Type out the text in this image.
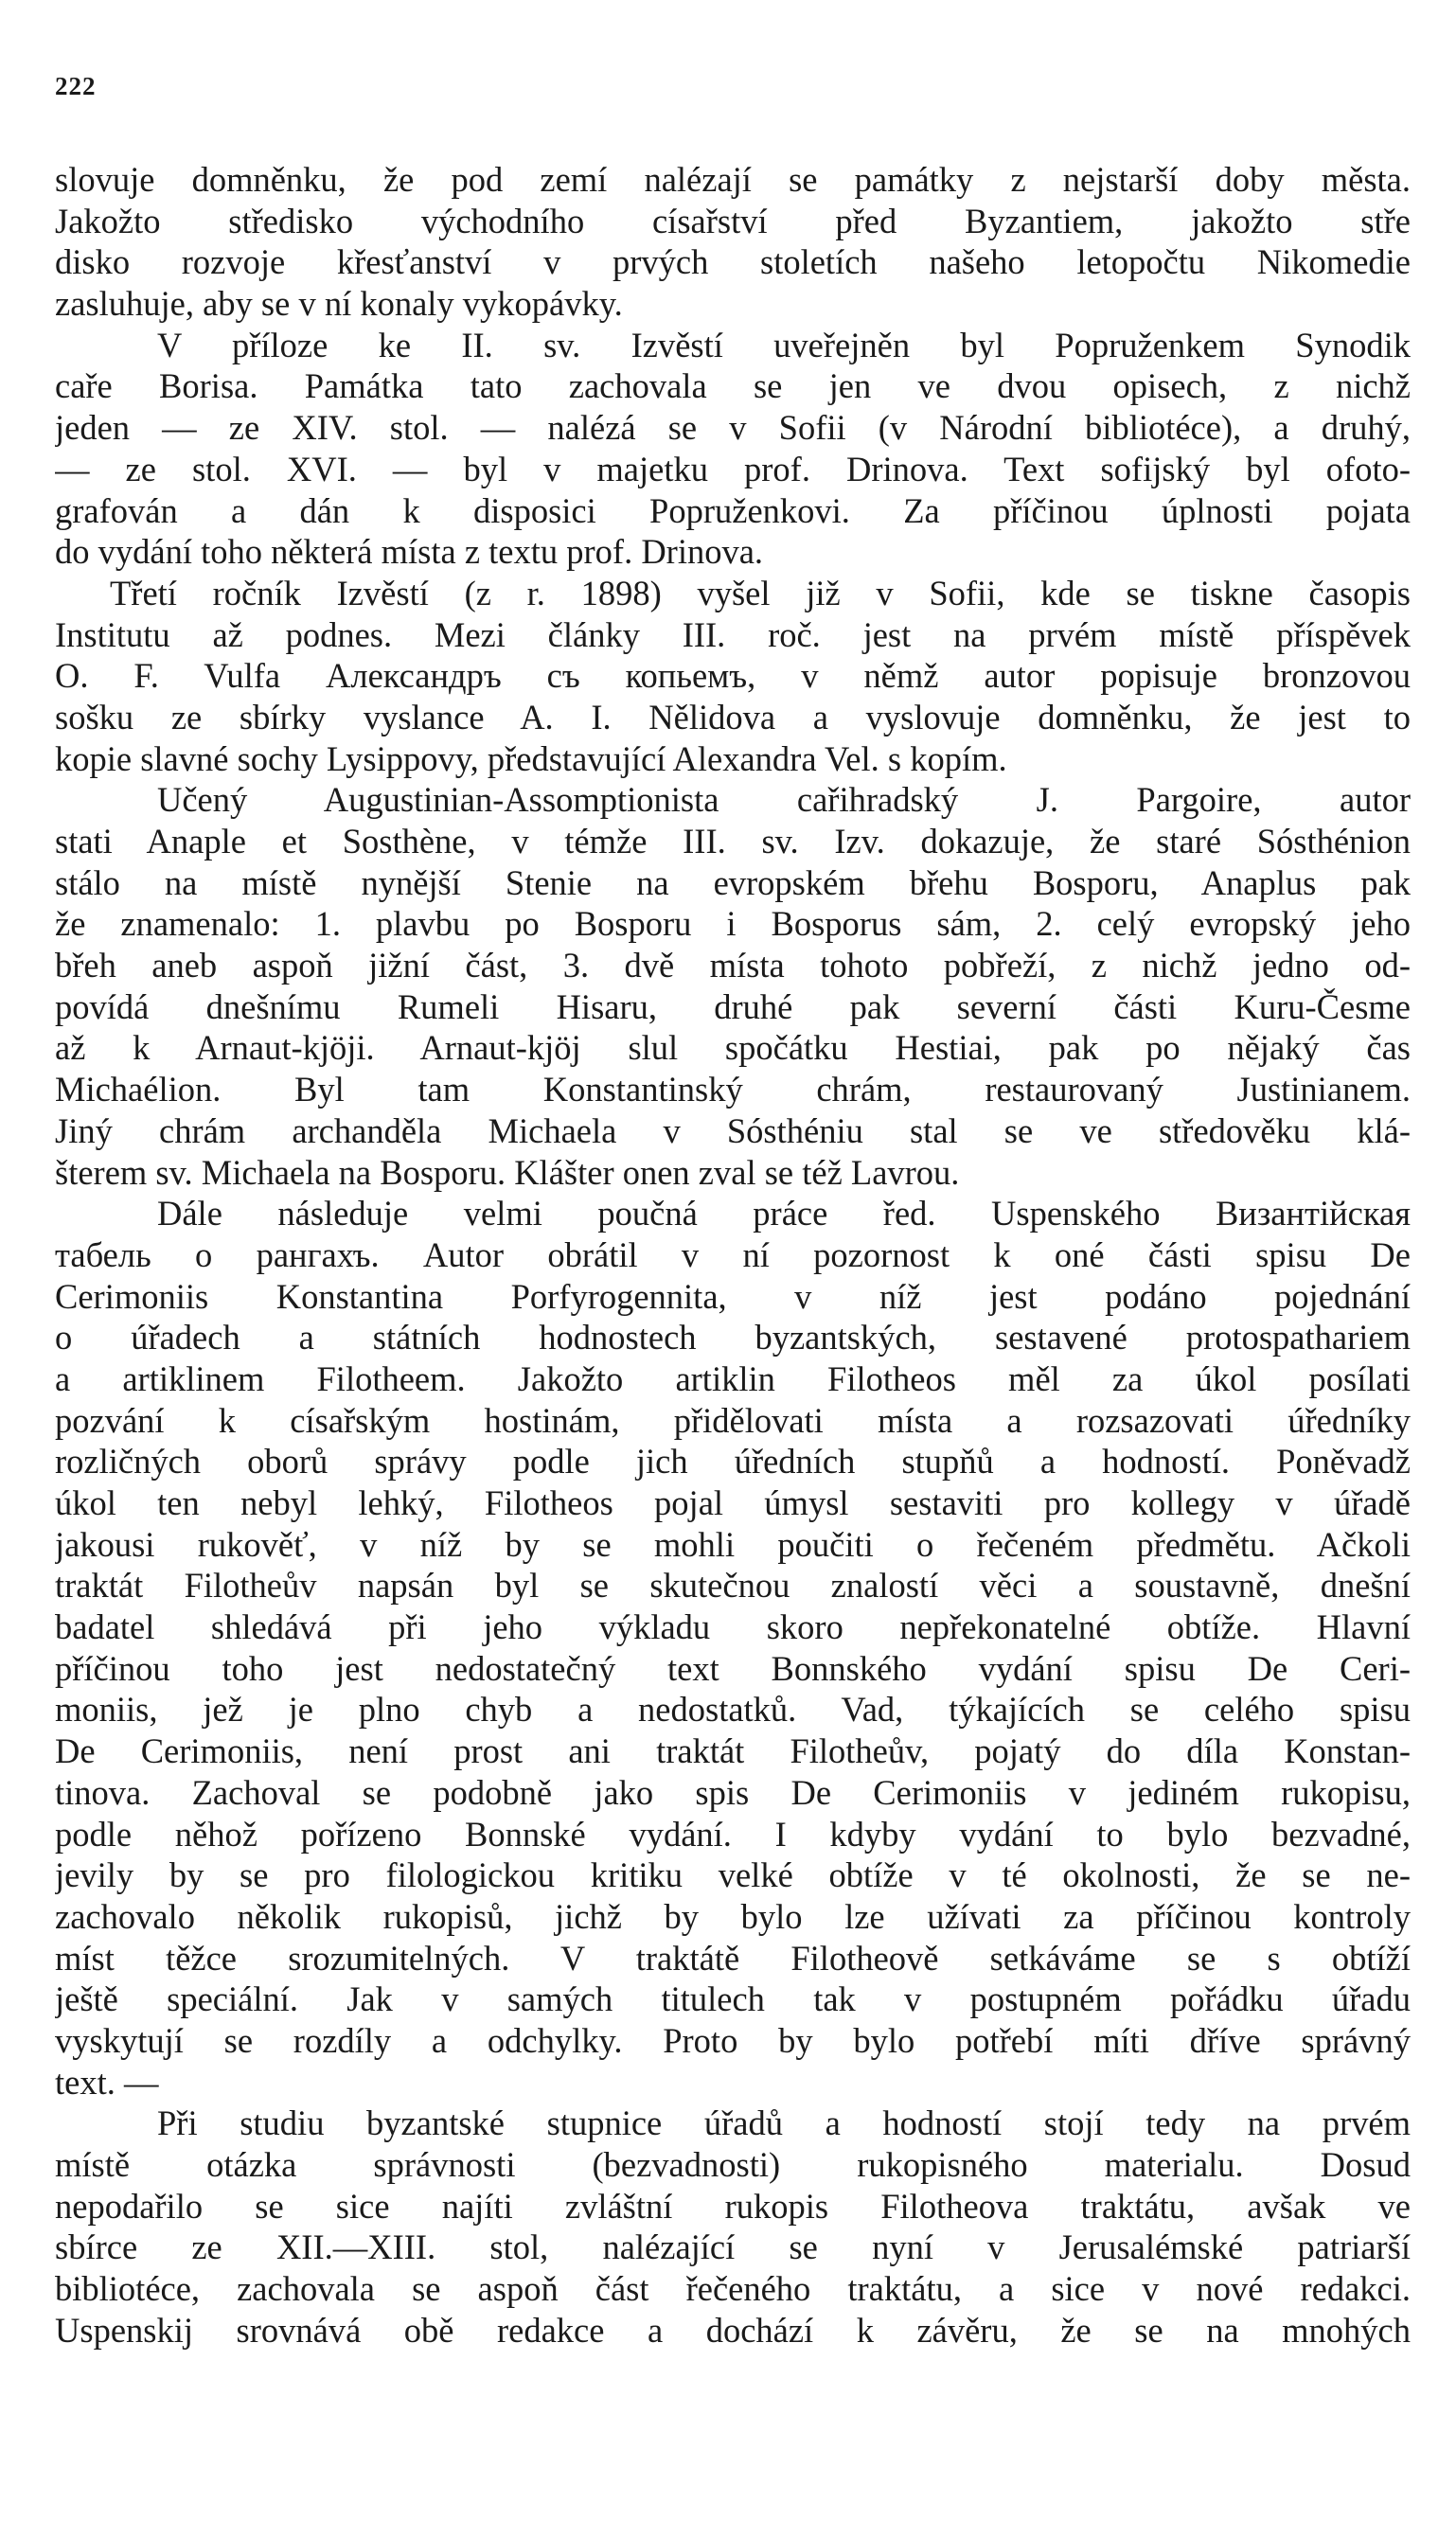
222
slovuje domněnku, že pod zemí nalézají se památky z nejstarší doby města.
Jakožto středisko východního císařství před Byzantiem, jakožto stře
disko rozvoje křesťanství v prvých stoletích našeho letopočtu Nikomedie
zasluhuje, aby se v ní konaly vykopávky.
V příloze ke II. sv. Izvěstí uveřejněn byl Popruženkem Synodik
caře Borisa. Památka tato zachovala se jen ve dvou opisech, z nichž
jeden — ze XIV. stol. — nalézá se v Sofii (v Národní bibliotéce), a druhý,
— ze stol. XVI. — byl v majetku prof. Drinova. Text sofijský byl ofoto-
grafován a dán k disposici Popruženkovi. Za příčinou úplnosti pojata
do vydání toho některá místa z textu prof. Drinova.
Třetí ročník Izvěstí (z r. 1898) vyšel již v Sofii, kde se tiskne časopis
Institutu až podnes. Mezi články III. roč. jest na prvém místě příspěvek
O. F. Vulfa Александръ съ копьемъ, v němž autor popisuje bronzovou
sošku ze sbírky vyslance A. I. Nělidova a vyslovuje domněnku, že jest to
kopie slavné sochy Lysippovy, představující Alexandra Vel. s kopím.
Učený Augustinian-Assomptionista cařihradský J. Pargoire, autor
stati Anaple et Sosthène, v témže III. sv. Izv. dokazuje, že staré Sósthénion
stálo na místě nynější Stenie na evropském břehu Bosporu, Anaplus pak
že znamenalo: 1. plavbu po Bosporu i Bosporus sám, 2. celý evropský jeho
břeh aneb aspoň jižní část, 3. dvě místa tohoto pobřeží, z nichž jedno od-
povídá dnešnímu Rumeli Hisaru, druhé pak severní části Kuru-Česme
až k Arnaut-kjöji. Arnaut-kjöj slul spočátku Hestiai, pak po nějaký čas
Michaélion. Byl tam Konstantinský chrám, restaurovaný Justinianem.
Jiný chrám archanděla Michaela v Sósthéniu stal se ve středověku klá-
šterem sv. Michaela na Bosporu. Klášter onen zval se též Lavrou.
Dále následuje velmi poučná práce řed. Uspenského Византійская
табель о рангахъ. Autor obrátil v ní pozornost k oné části spisu De
Cerimoniis Konstantina Porfyrogennita, v níž jest podáno pojednání
o úřadech a státních hodnostech byzantských, sestavené protospathariem
a artiklinem Filotheem. Jakožto artiklin Filotheos měl za úkol posílati
pozvání k císařským hostinám, přidělovati místa a rozsazovati úředníky
rozličných oborů správy podle jich úředních stupňů a hodností. Poněvadž
úkol ten nebyl lehký, Filotheos pojal úmysl sestaviti pro kollegy v úřadě
jakousi rukověť, v níž by se mohli poučiti o řečeném předmětu. Ačkoli
traktát Filotheův napsán byl se skutečnou znalostí věci a soustavně, dnešní
badatel shledává při jeho výkladu skoro nepřekonatelné obtíže. Hlavní
příčinou toho jest nedostatečný text Bonnského vydání spisu De Ceri-
moniis, jež je plno chyb a nedostatků. Vad, týkajících se celého spisu
De Cerimoniis, není prost ani traktát Filotheův, pojatý do díla Konstan-
tinova. Zachoval se podobně jako spis De Cerimoniis v jediném rukopisu,
podle něhož pořízeno Bonnské vydání. I kdyby vydání to bylo bezvadné,
jevily by se pro filologickou kritiku velké obtíže v té okolnosti, že se ne-
zachovalo několik rukopisů, jichž by bylo lze užívati za příčinou kontroly
míst těžce srozumitelných. V traktátě Filotheově setkáváme se s obtíží
ještě speciální. Jak v samých titulech tak v postupném pořádku úřadu
vyskytují se rozdíly a odchylky. Proto by bylo potřebí míti dříve správný
text. —
Při studiu byzantské stupnice úřadů a hodností stojí tedy na prvém
místě otázka správnosti (bezvadnosti) rukopisného materialu. Dosud
nepodařilo se sice najíti zvláštní rukopis Filotheova traktátu, avšak ve
sbírce ze XII.—XIII. stol, nalézající se nyní v Jerusalémské patriarší
bibliotéce, zachovala se aspoň část řečeného traktátu, a sice v nové redakci.
Uspenskij srovnává obě redakce a dochází k závěru, že se na mnohých
